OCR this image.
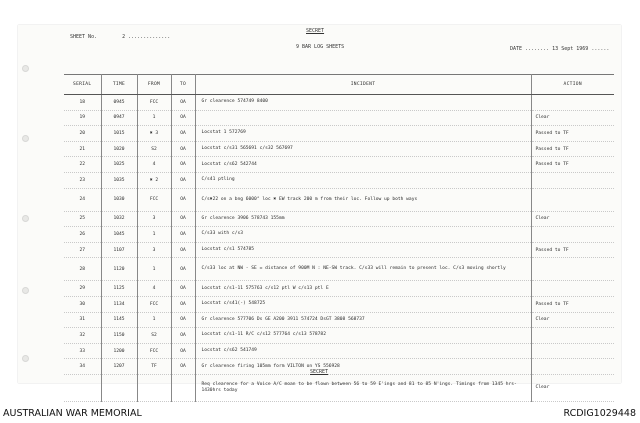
SECRET
SHEET No.	2 ..............
9 BAR LOG SHEETS	DATE ........ 13 Sept 1969 ......
SERIAL	TIME	FROM	TO	INCIDENT	ACTION
18	0945	FCC	OA	Gr clearence 574749 8400	
19	0947	1	OA		Clear
20	1015	✖ 3	OA	Locstat 1 572769	Passed to TF
21	1020	S2	OA	Locstat c/s31 565691 c/s32 567697	Passed to TF
22	1025	4	OA	Locstat c/s62 542744	Passed to TF
23	1035	✖ 2	OA	C/s41 ptling	
24	1030	FCC	OA	C/s✖22 on a bng 6000° loc ✖ EW track 200 m from their loc. Follow up both ways	
25	1032	3	OA	Gr clearence 3906 578743 155mm	Clear
26	1045	1	OA	C/s33 with c/s3	
27	1107	3	OA	Locstat c/s1 574785	Passed to TF
28	1120	1	OA	C/s33 loc at NW - SE = distance of 900M N : NE-SW track. C/s33 will remain to present loc. C/s3 moving shortly	
29	1125	4	OA	Locstat c/s1-11 575763 c/s12 ptl W c/s13 ptl E	
30	1134	FCC	OA	Locstat c/s41(-) 548725	Passed to TF
31	1145	1	OA	Gr clearence 577706 Ds GE A200 3911 574724 DsGT 3808 568737	Clear
32	1150	S2	OA	Locstat c/s1-11 R/C c/s12 577764 c/s13 578782	
33	1200	FCC	OA	Locstat c/s62 541749	
34	1207	TF	OA	Gr clearence firing 105mm form VILTON on YS 556928	
				Req clearence for a Voice A/C moan to be flown between 56 to 59 E'ings and 81 to 85 N'ings. Timings from 1345 hrs- 1430hrs today	Clear
SECRET
AUSTRALIAN WAR MEMORIAL	RCDIG1029448
